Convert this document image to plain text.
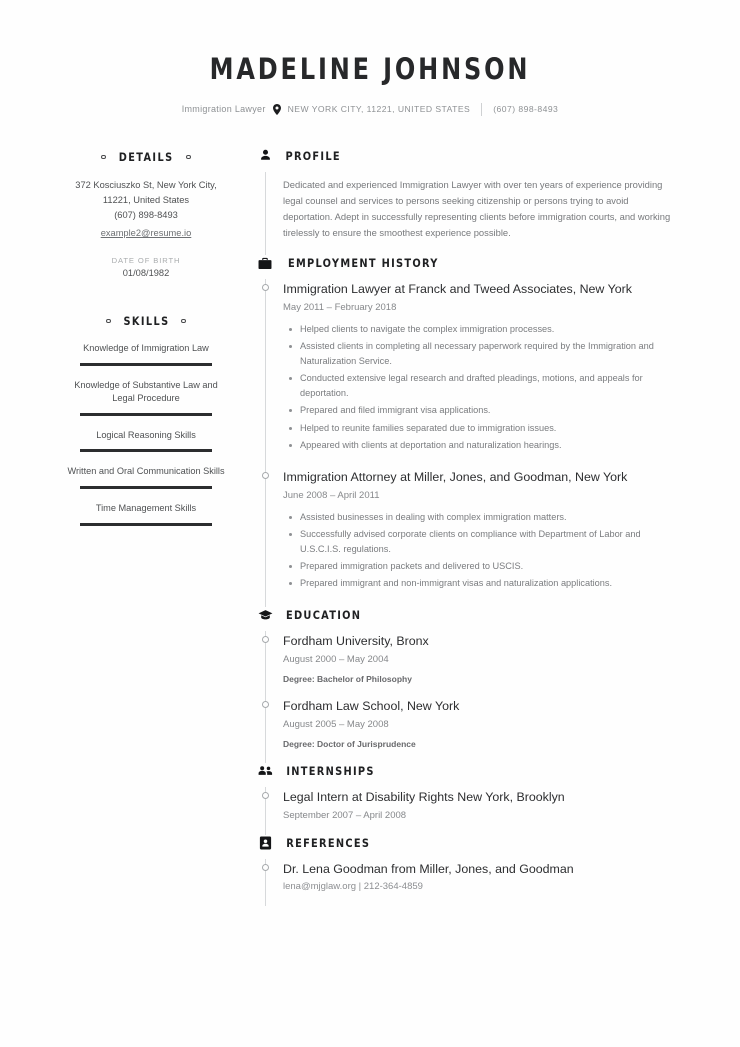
MADELINE JOHNSON
Immigration Lawyer	NEW YORK CITY, 11221, UNITED STATES	(607) 898-8493
DETAILS
372 Kosciuszko St, New York City,
11221, United States
(607) 898-8493
example2@resume.io
DATE OF BIRTH
01/08/1982
SKILLS
Knowledge of Immigration Law
Knowledge of Substantive Law and Legal Procedure
Logical Reasoning Skills
Written and Oral Communication Skills
Time Management Skills
PROFILE
Dedicated and experienced Immigration Lawyer with over ten years of experience providing legal counsel and services to persons seeking citizenship or persons trying to avoid deportation. Adept in successfully representing clients before immigration courts, and working tirelessly to ensure the smoothest experience possible.
EMPLOYMENT HISTORY
Immigration Lawyer at Franck and Tweed Associates, New York
May 2011 – February 2018
Helped clients to navigate the complex immigration processes.
Assisted clients in completing all necessary paperwork required by the Immigration and Naturalization Service.
Conducted extensive legal research and drafted pleadings, motions, and appeals for deportation.
Prepared and filed immigrant visa applications.
Helped to reunite families separated due to immigration issues.
Appeared with clients at deportation and naturalization hearings.
Immigration Attorney at Miller, Jones, and Goodman, New York
June 2008 – April 2011
Assisted businesses in dealing with complex immigration matters.
Successfully advised corporate clients on compliance with Department of Labor and U.S.C.I.S. regulations.
Prepared immigration packets and delivered to USCIS.
Prepared immigrant and non-immigrant visas and naturalization applications.
EDUCATION
Fordham University, Bronx
August 2000 – May 2004
Degree: Bachelor of Philosophy
Fordham Law School, New York
August 2005 – May 2008
Degree: Doctor of Jurisprudence
INTERNSHIPS
Legal Intern at Disability Rights New York, Brooklyn
September 2007 – April 2008
REFERENCES
Dr. Lena Goodman from Miller, Jones, and Goodman
lena@mjglaw.org | 212-364-4859
